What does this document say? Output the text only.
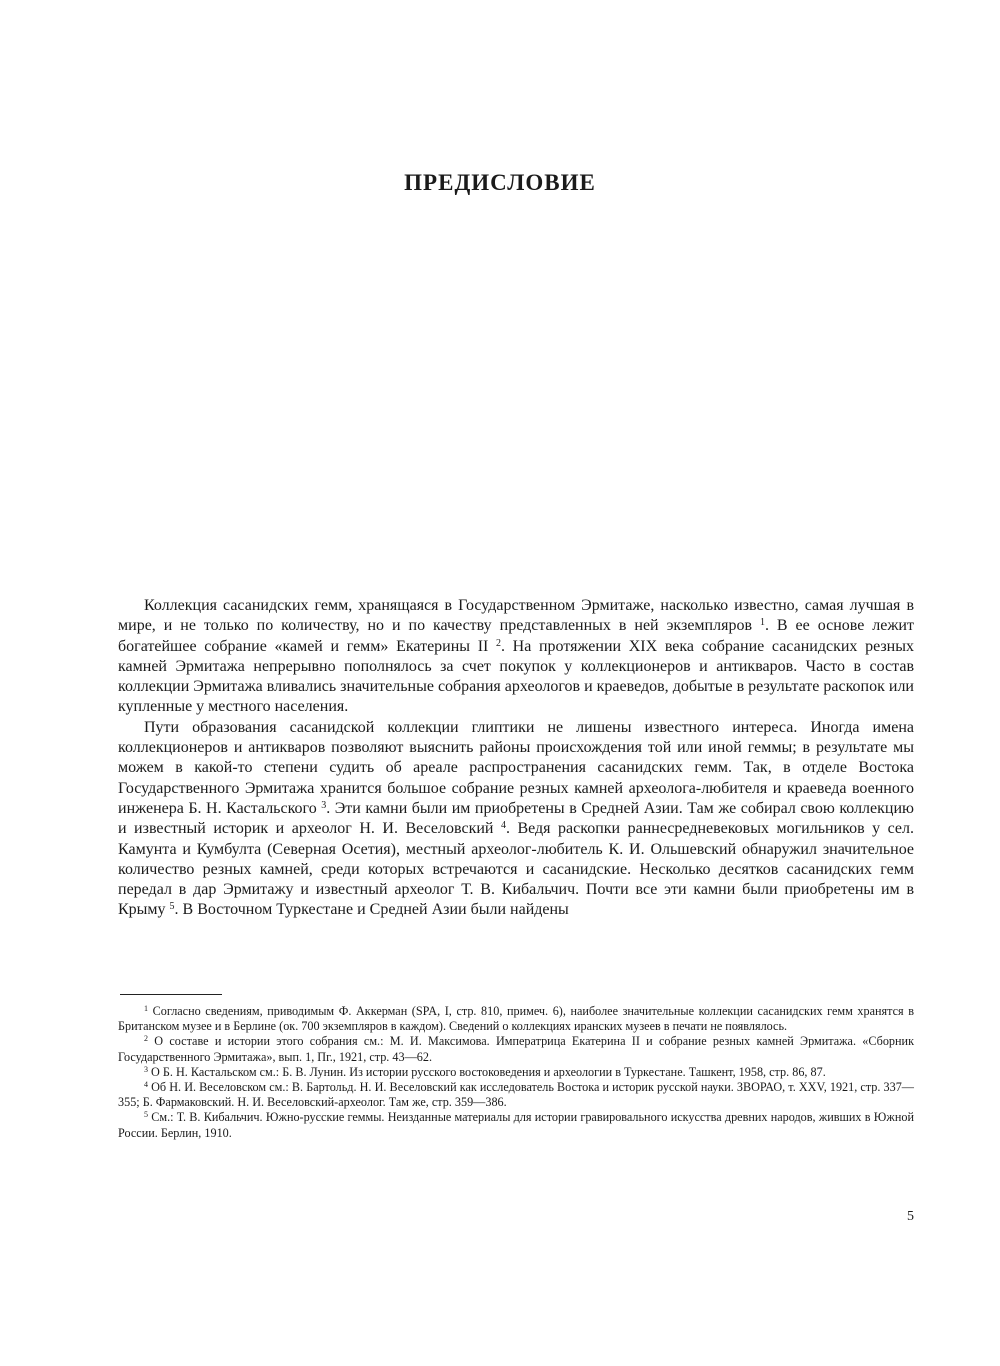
ПРЕДИСЛОВИЕ

Коллекция сасанидских гемм, хранящаяся в Государственном Эрмитаже, насколько известно, самая лучшая в мире, и не только по количеству, но и по качеству представленных в ней экземпляров $^1$. В ее основе лежит богатейшее собрание «камей и гемм» Екатерины II $^2$. На протяжении XIX века собрание сасанидских резных камней Эрмитажа непрерывно пополнялось за счет покупок у коллекционеров и антикваров. Часто в состав коллекции Эрмитажа вливались значительные собрания археологов и краеведов, добытые в результате раскопок или купленные у местного населения.

Пути образования сасанидской коллекции глиптики не лишены известного интереса. Иногда имена коллекционеров и антикваров позволяют выяснить районы происхождения той или иной геммы; в результате мы можем в какой-то степени судить об ареале распространения сасанидских гемм. Так, в отделе Востока Государственного Эрмитажа хранится большое собрание резных камней археолога-любителя и краеведа военного инженера Б. Н. Кастальского $^3$. Эти камни были им приобретены в Средней Азии. Там же собирал свою коллекцию и известный историк и археолог Н. И. Веселовский $^4$. Ведя раскопки раннесредневековых могильников у сел. Камунта и Кумбулта (Северная Осетия), местный археолог-любитель К. И. Ольшевский обнаружил значительное количество резных камней, среди которых встречаются и сасанидские. Несколько десятков сасанидских гемм передал в дар Эрмитажу и известный археолог Т. В. Кибальчич. Почти все эти камни были приобретены им в Крыму $^5$. В Восточном Туркестане и Средней Азии были найдены

$^1$ Согласно сведениям, приводимым Ф. Аккерман (SPA, I, стр. 810, примеч. 6), наиболее значительные коллекции сасанидских гемм хранятся в Британском музее и в Берлине (ок. 700 экземпляров в каждом). Сведений о коллекциях иранских музеев в печати не появлялось.

$^2$ О составе и истории этого собрания см.: М. И. Максимова. Императрица Екатерина II и собрание резных камней Эрмитажа. «Сборник Государственного Эрмитажа», вып. 1, Пг., 1921, стр. 43—62.

$^3$ О Б. Н. Кастальском см.: Б. В. Лунин. Из истории русского востоковедения и археологии в Туркестане. Ташкент, 1958, стр. 86, 87.

$^4$ Об Н. И. Веселовском см.: В. Бартольд. Н. И. Веселовский как исследователь Востока и историк русской науки. ЗВОРАО, т. XXV, 1921, стр. 337—355; Б. Фармаковский. Н. И. Веселовский-археолог. Там же, стр. 359—386.

$^5$ См.: Т. В. Кибальчич. Южно-русские геммы. Неизданные материалы для истории гравировального искусства древних народов, живших в Южной России. Берлин, 1910.

5
